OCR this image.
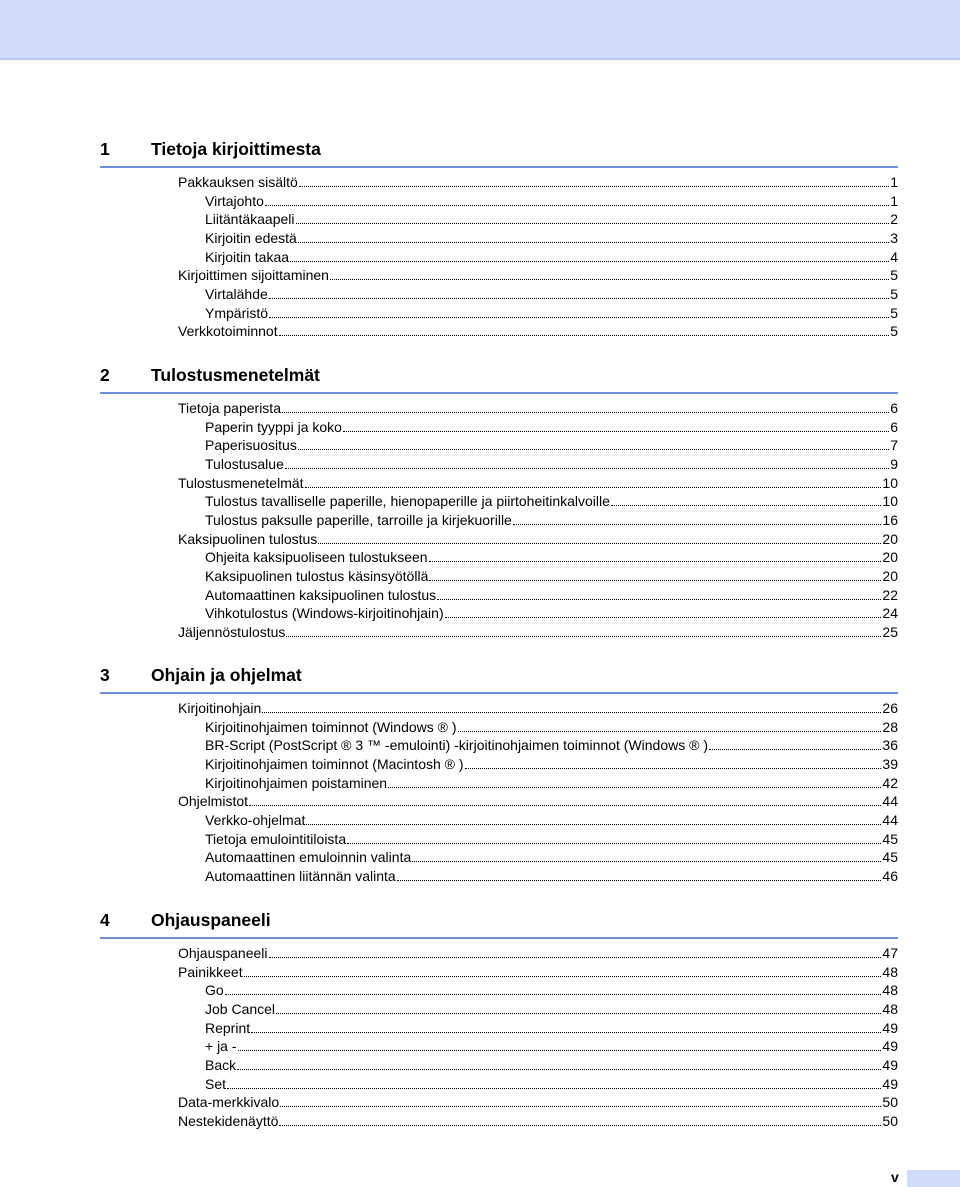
1 Tietoja kirjoittimesta
Pakkauksen sisältö	1
Virtajohto	1
Liitäntäkaapeli	2
Kirjoitin edestä	3
Kirjoitin takaa	4
Kirjoittimen sijoittaminen	5
Virtalähde	5
Ympäristö	5
Verkkotoiminnot	5
2 Tulostusmenetelmät
Tietoja paperista	6
Paperin tyyppi ja koko	6
Paperisuositus	7
Tulostusalue	9
Tulostusmenetelmät	10
Tulostus tavalliselle paperille, hienopaperille ja piirtoheitinkalvoille	10
Tulostus paksulle paperille, tarroille ja kirjekuorille	16
Kaksipuolinen tulostus	20
Ohjeita kaksipuoliseen tulostukseen	20
Kaksipuolinen tulostus käsinsyötöllä	20
Automaattinen kaksipuolinen tulostus	22
Vihkotulostus (Windows-kirjoitinohjain)	24
Jäljennöstulostus	25
3 Ohjain ja ohjelmat
Kirjoitinohjain	26
Kirjoitinohjaimen toiminnot (Windows ® )	28
BR-Script (PostScript ® 3 ™ -emulointi) -kirjoitinohjaimen toiminnot (Windows ® )	36
Kirjoitinohjaimen toiminnot (Macintosh ® )	39
Kirjoitinohjaimen poistaminen	42
Ohjelmistot	44
Verkko-ohjelmat	44
Tietoja emulointitiloista	45
Automaattinen emuloinnin valinta	45
Automaattinen liitännän valinta	46
4 Ohjauspaneeli
Ohjauspaneeli	47
Painikkeet	48
Go	48
Job Cancel	48
Reprint	49
+ ja -	49
Back	49
Set	49
Data-merkkivalo	50
Nestekidenäyttö	50
v
